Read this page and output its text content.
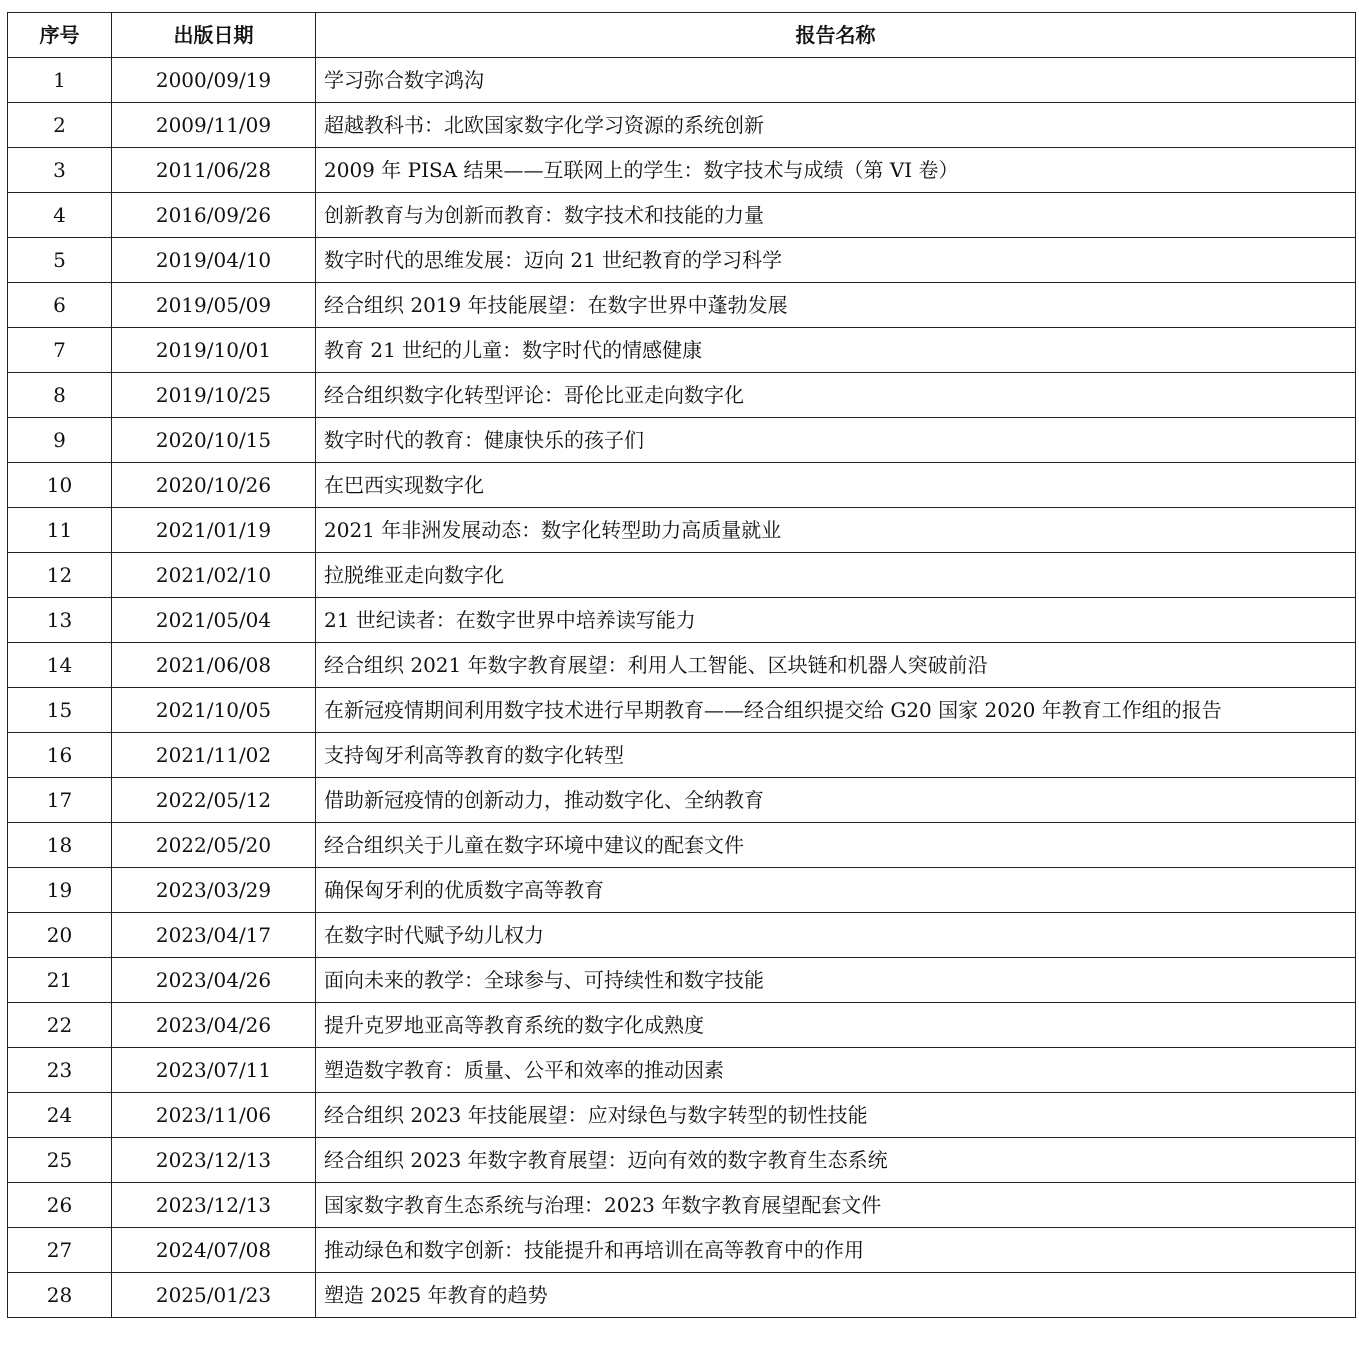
序号	出版日期	报告名称
1	2000/09/19	学习弥合数字鸿沟
2	2009/11/09	超越教科书：北欧国家数字化学习资源的系统创新
3	2011/06/28	2009 年 PISA 结果——互联网上的学生：数字技术与成绩（第 VI 卷）
4	2016/09/26	创新教育与为创新而教育：数字技术和技能的力量
5	2019/04/10	数字时代的思维发展：迈向 21 世纪教育的学习科学
6	2019/05/09	经合组织 2019 年技能展望：在数字世界中蓬勃发展
7	2019/10/01	教育 21 世纪的儿童：数字时代的情感健康
8	2019/10/25	经合组织数字化转型评论：哥伦比亚走向数字化
9	2020/10/15	数字时代的教育：健康快乐的孩子们
10	2020/10/26	在巴西实现数字化
11	2021/01/19	2021 年非洲发展动态：数字化转型助力高质量就业
12	2021/02/10	拉脱维亚走向数字化
13	2021/05/04	21 世纪读者：在数字世界中培养读写能力
14	2021/06/08	经合组织 2021 年数字教育展望：利用人工智能、区块链和机器人突破前沿
15	2021/10/05	在新冠疫情期间利用数字技术进行早期教育——经合组织提交给 G20 国家 2020 年教育工作组的报告
16	2021/11/02	支持匈牙利高等教育的数字化转型
17	2022/05/12	借助新冠疫情的创新动力，推动数字化、全纳教育
18	2022/05/20	经合组织关于儿童在数字环境中建议的配套文件
19	2023/03/29	确保匈牙利的优质数字高等教育
20	2023/04/17	在数字时代赋予幼儿权力
21	2023/04/26	面向未来的教学：全球参与、可持续性和数字技能
22	2023/04/26	提升克罗地亚高等教育系统的数字化成熟度
23	2023/07/11	塑造数字教育：质量、公平和效率的推动因素
24	2023/11/06	经合组织 2023 年技能展望：应对绿色与数字转型的韧性技能
25	2023/12/13	经合组织 2023 年数字教育展望：迈向有效的数字教育生态系统
26	2023/12/13	国家数字教育生态系统与治理：2023 年数字教育展望配套文件
27	2024/07/08	推动绿色和数字创新：技能提升和再培训在高等教育中的作用
28	2025/01/23	塑造 2025 年教育的趋势
